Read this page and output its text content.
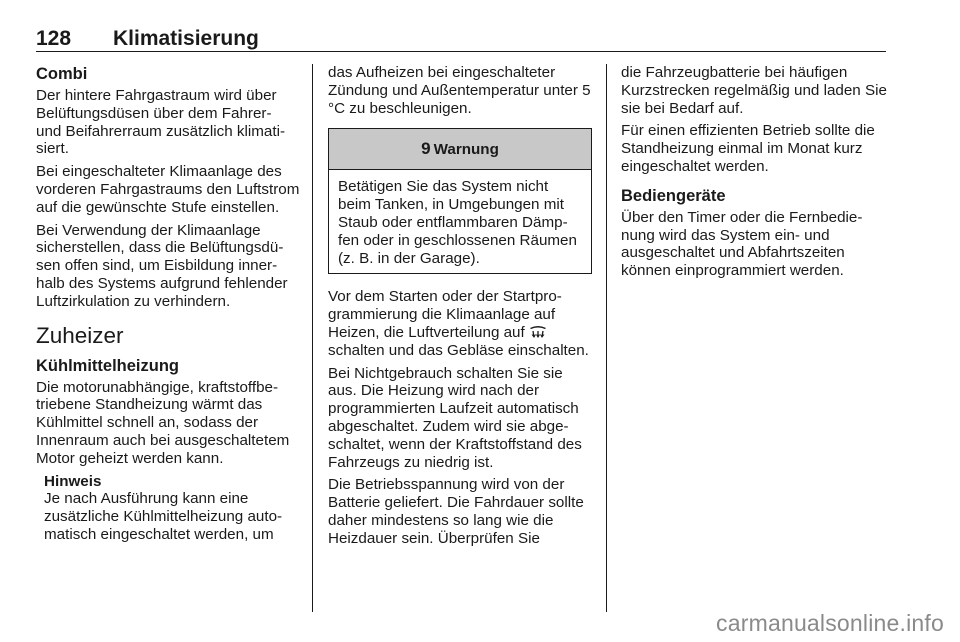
128 Klimatisierung
Combi

Der hintere Fahrgastraum wird über Belüftungsdüsen über dem Fahrer- und Beifahrerraum zusätzlich klimatisiert.

Bei eingeschalteter Klimaanlage des vorderen Fahrgastraums den Luftstrom auf die gewünschte Stufe einstellen.

Bei Verwendung der Klimaanlage sicherstellen, dass die Belüftungsdüsen offen sind, um Eisbildung innerhalb des Systems aufgrund fehlender Luftzirkulation zu verhindern.

Zuheizer
Kühlmittelheizung

Die motorunabhängige, kraftstoffbetriebene Standheizung wärmt das Kühlmittel schnell an, sodass der Innenraum auch bei ausgeschaltetem Motor geheizt werden kann.

Hinweis

Je nach Ausführung kann eine zusätzliche Kühlmittelheizung automatisch eingeschaltet werden, um

das Aufheizen bei eingeschalteter Zündung und Außentemperatur unter 5 °C zu beschleunigen.

9 Warnung

Betätigen Sie das System nicht beim Tanken, in Umgebungen mit Staub oder entflammbaren Dämpfen oder in geschlossenen Räumen (z. B. in der Garage).

Vor dem Starten oder der Startprogrammierung die Klimaanlage auf Heizen, die Luftverteilung auf  schalten und das Gebläse einschalten.

Bei Nichtgebrauch schalten Sie sie aus. Die Heizung wird nach der programmierten Laufzeit automatisch abgeschaltet. Zudem wird sie abgeschaltet, wenn der Kraftstoffstand des Fahrzeugs zu niedrig ist.

Die Betriebsspannung wird von der Batterie geliefert. Die Fahrdauer sollte daher mindestens so lang wie die Heizdauer sein. Überprüfen Sie

die Fahrzeugbatterie bei häufigen Kurzstrecken regelmäßig und laden Sie sie bei Bedarf auf.

Für einen effizienten Betrieb sollte die Standheizung einmal im Monat kurz eingeschaltet werden.

Bediengeräte

Über den Timer oder die Fernbedienung wird das System ein- und ausgeschaltet und Abfahrtszeiten können einprogrammiert werden.

carmanualsonline.info
